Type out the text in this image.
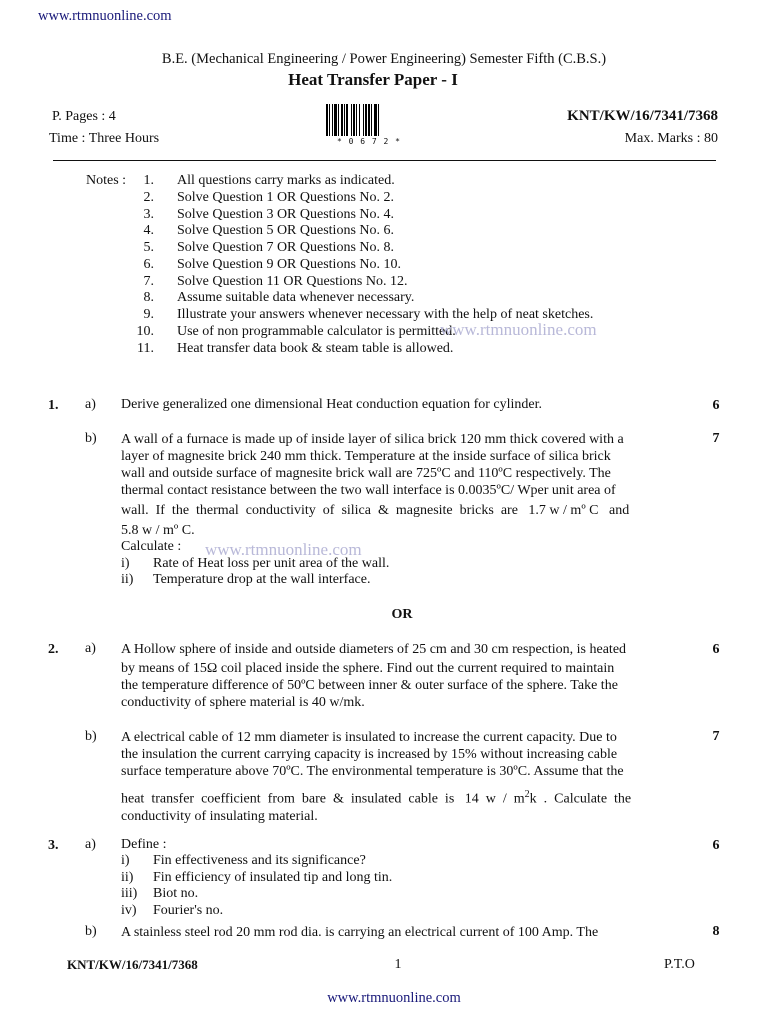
www.rtmnuonline.com
B.E. (Mechanical Engineering / Power Engineering) Semester Fifth (C.B.S.)
Heat Transfer Paper - I
P. Pages : 4	KNT/KW/16/7341/7368
Time : Three Hours	Max. Marks : 80
* 0 6 7 2 *
Notes :	1. All questions carry marks as indicated.
2. Solve Question 1 OR Questions No. 2.
3. Solve Question 3 OR Questions No. 4.
4. Solve Question 5 OR Questions No. 6.
5. Solve Question 7 OR Questions No. 8.
6. Solve Question 9 OR Questions No. 10.
7. Solve Question 11 OR Questions No. 12.
8. Assume suitable data whenever necessary.
9. Illustrate your answers whenever necessary with the help of neat sketches.
10. Use of non programmable calculator is permitted.
11. Heat transfer data book & steam table is allowed.
www.rtmnuonline.com
www.rtmnuonline.com
1. a) Derive generalized one dimensional Heat conduction equation for cylinder.	6
b)	7
A wall of a furnace is made up of inside layer of silica brick 120 mm thick covered with a
layer of magnesite brick 240 mm thick. Temperature at the inside surface of silica brick
wall and outside surface of magnesite brick wall are 725ºC and 110ºC respectively. The
thermal contact resistance between the two wall interface is 0.0035ºC/ Wper unit area of
wall.  If  the  thermal  conductivity  of  silica  &  magnesite  bricks  are   1.7 w / mº C   and
5.8 w / mº C.
Calculate :
i) Rate of Heat loss per unit area of the wall.
ii) Temperature drop at the wall interface.
OR
2. a)	6
A Hollow sphere of inside and outside diameters of 25 cm and 30 cm respection, is heated
by means of 15Ω coil placed inside the sphere. Find out the current required to maintain
the temperature difference of 50ºC between inner & outer surface of the sphere. Take the
conductivity of sphere material is 40 w/mk.
b)	7
A electrical cable of 12 mm diameter is insulated to increase the current capacity. Due to
the insulation the current carrying capacity is increased by 15% without increasing cable
surface temperature above 70ºC. The environmental temperature is 30ºC. Assume that the
heat  transfer  coefficient  from  bare  &  insulated  cable  is   14  w  /  $m^2k$  .  Calculate  the
conductivity of insulating material.
3. a)	6
Define :
i) Fin effectiveness and its significance?
ii) Fin efficiency of insulated tip and long tin.
iii) Biot no.
iv) Fourier's no.
b)	8
A stainless steel rod 20 mm rod dia. is carrying an electrical current of 100 Amp. The
KNT/KW/16/7341/7368	1	P.T.O
www.rtmnuonline.com
